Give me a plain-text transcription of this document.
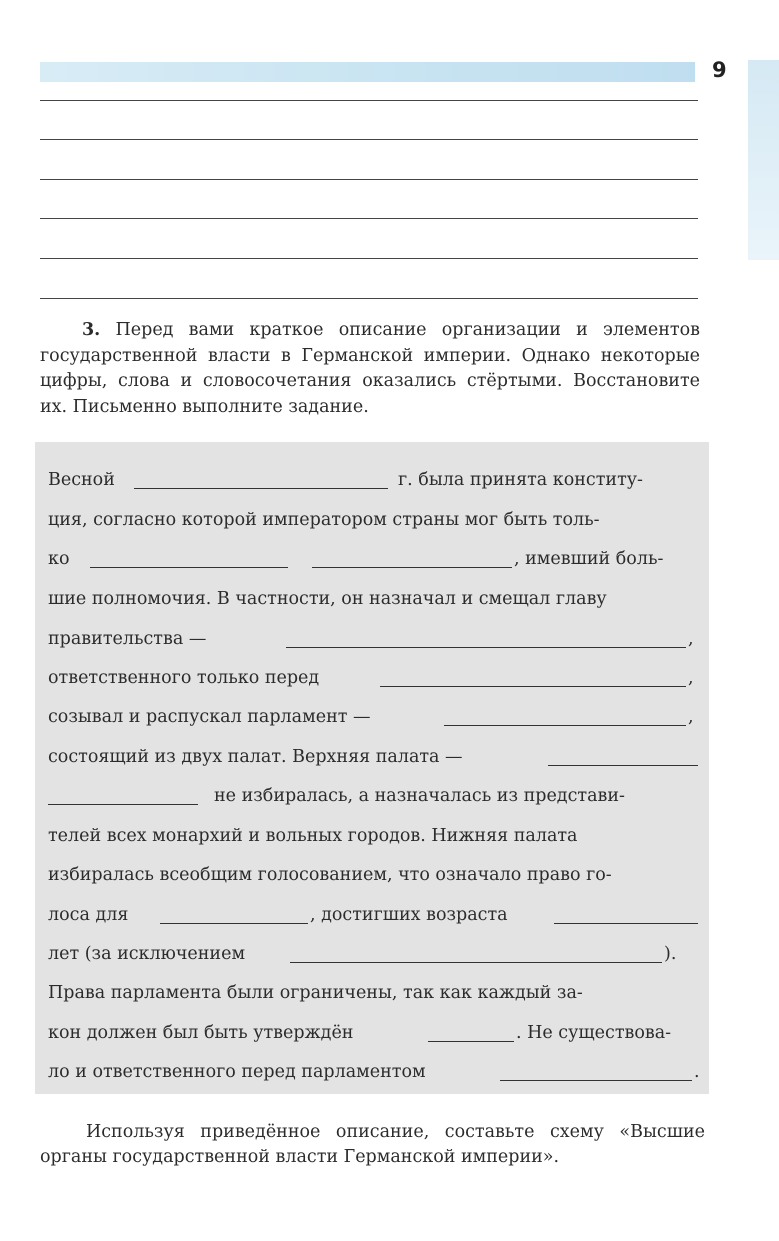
9
3. Перед вами краткое описание организации и элементов государственной власти в Германской империи. Однако некоторые цифры, слова и словосочетания оказались стёртыми. Восстановите их. Письменно выполните задание.
Весной	г. была принята конститу-
ция, согласно которой императором страны мог быть толь-
ко	, имевший боль-
шие полномочия. В частности, он назначал и смещал главу
правительства —	,
ответственного только перед	,
созывал и распускал парламент —	,
состоящий из двух палат. Верхняя палата —
не избиралась, а назначалась из представи-
телей всех монархий и вольных городов. Нижняя палата
избиралась всеобщим голосованием, что означало право го-
лоса для	, достигших возраста
лет (за исключением	).
Права парламента были ограничены, так как каждый за-
кон должен был быть утверждён	. Не существова-
ло и ответственного перед парламентом	.
Используя приведённое описание, составьте схему «Высшие органы государственной власти Германской империи».
